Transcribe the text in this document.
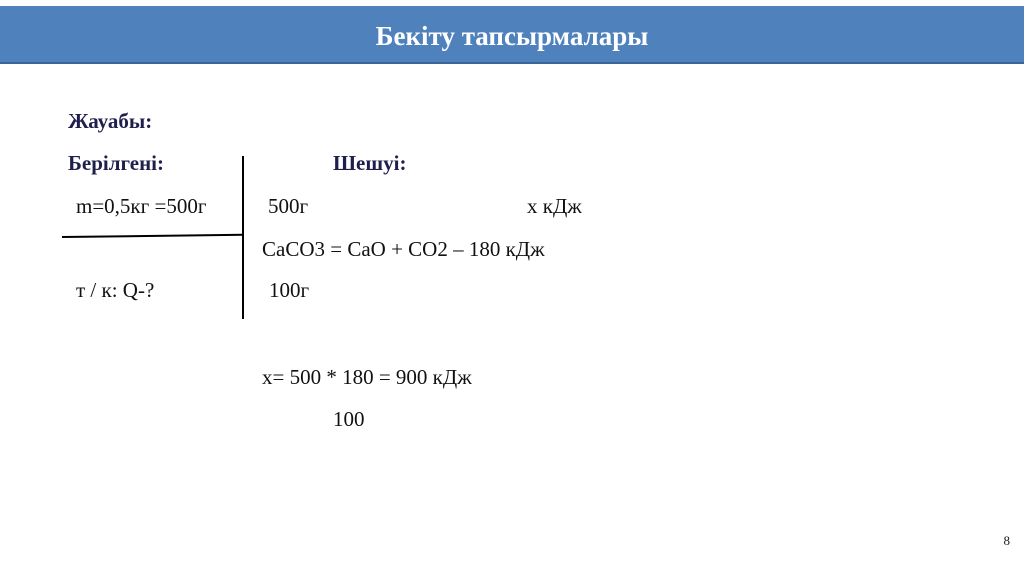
Бекіту тапсырмалары
Жауабы:
Берілгені:	Шешуі:
m=0,5кг =500г	500г	x кДж
CaCO3 = CaO + CO2 – 180 кДж
т / к: Q-?	100г
x= 500 * 180 = 900 кДж
100
8
